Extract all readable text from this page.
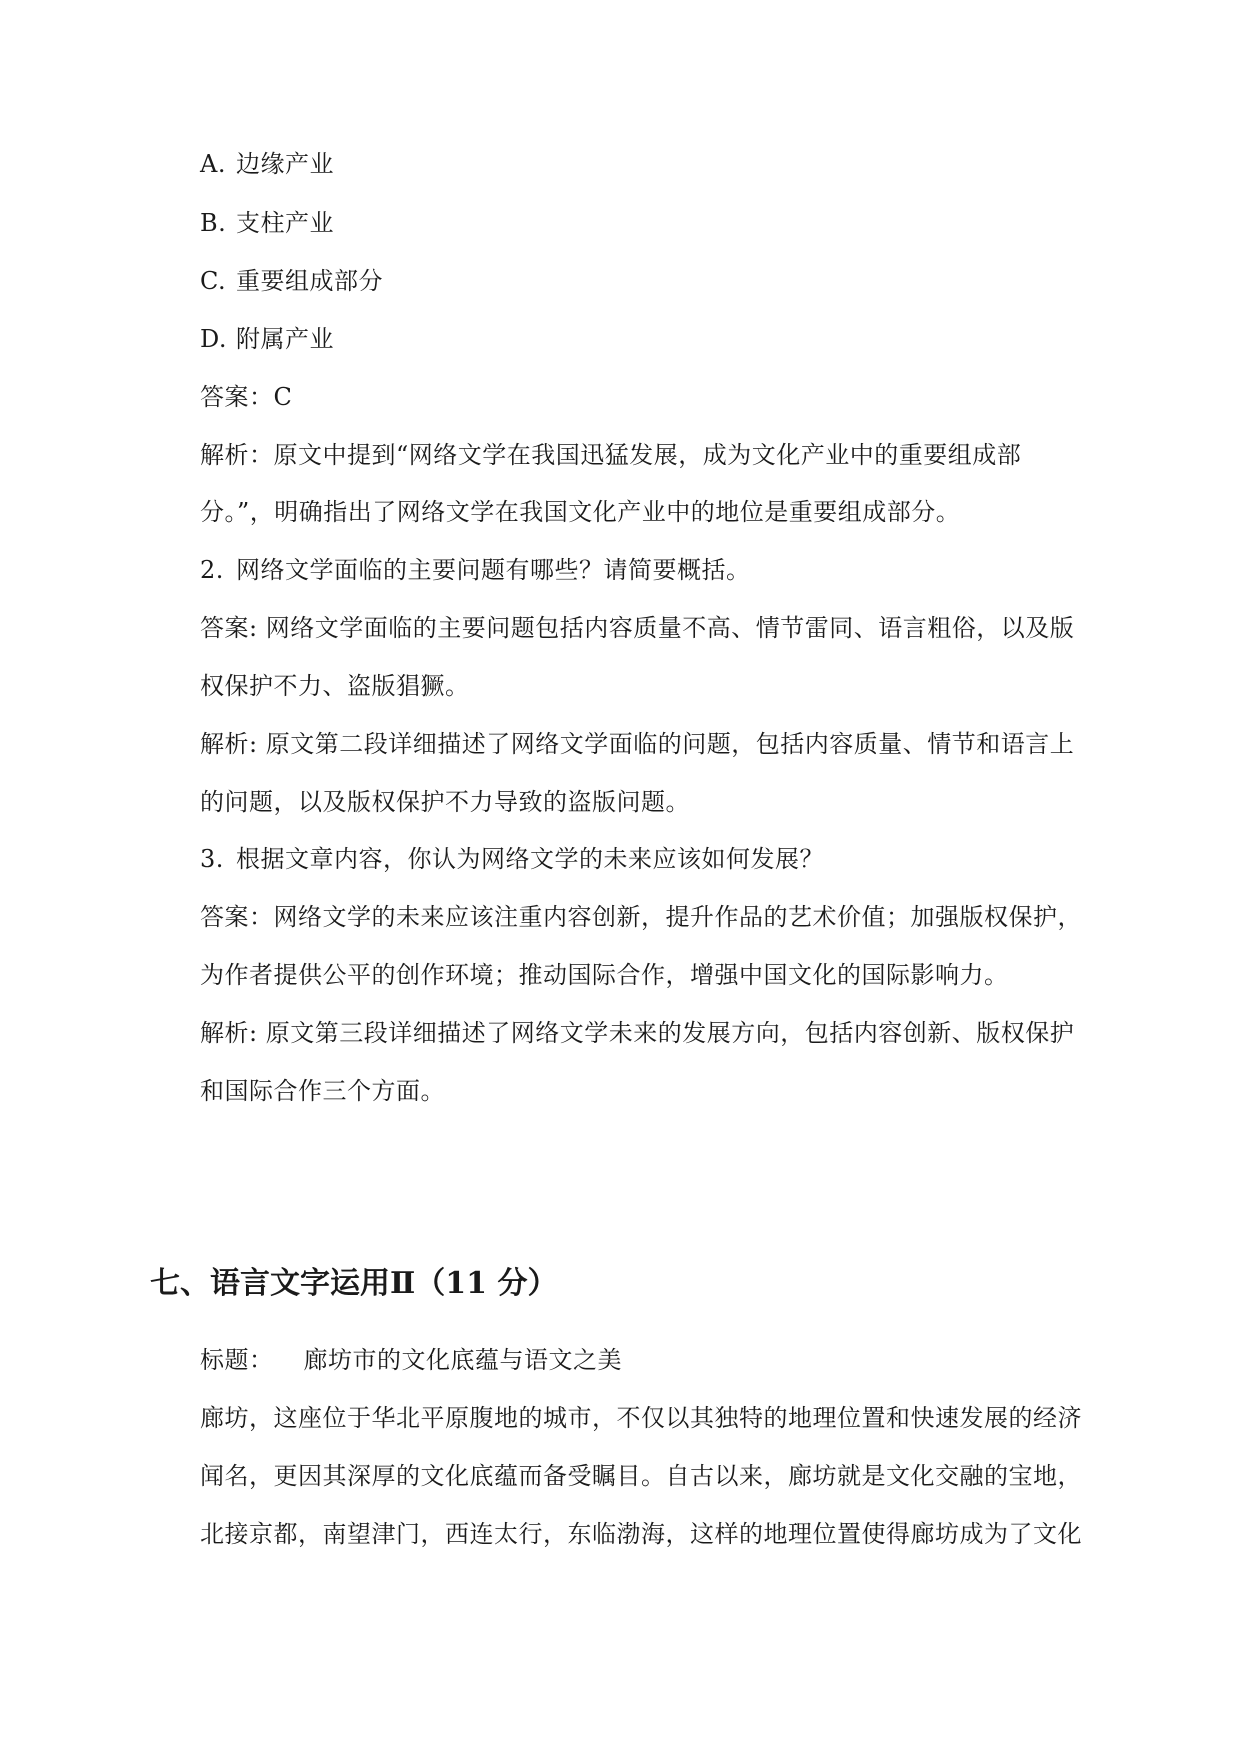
A. 边缘产业
B. 支柱产业
C. 重要组成部分
D. 附属产业
答案：C
解析：原文中提到“网络文学在我国迅猛发展，成为文化产业中的重要组成部
分。”，明确指出了网络文学在我国文化产业中的地位是重要组成部分。
2. 网络文学面临的主要问题有哪些？请简要概括。
答案: 网络文学面临的主要问题包括内容质量不高、情节雷同、语言粗俗，以及版
权保护不力、盗版猖獗。
解析: 原文第二段详细描述了网络文学面临的问题，包括内容质量、情节和语言上
的问题，以及版权保护不力导致的盗版问题。
3. 根据文章内容，你认为网络文学的未来应该如何发展？
答案：网络文学的未来应该注重内容创新，提升作品的艺术价值；加强版权保护，
为作者提供公平的创作环境；推动国际合作，增强中国文化的国际影响力。
解析: 原文第三段详细描述了网络文学未来的发展方向，包括内容创新、版权保护
和国际合作三个方面。
七、语言文字运用Ⅱ（11 分）
标题： 廊坊市的文化底蕴与语文之美
廊坊，这座位于华北平原腹地的城市，不仅以其独特的地理位置和快速发展的经济
闻名，更因其深厚的文化底蕴而备受瞩目。自古以来，廊坊就是文化交融的宝地，
北接京都，南望津门，西连太行，东临渤海，这样的地理位置使得廊坊成为了文化
